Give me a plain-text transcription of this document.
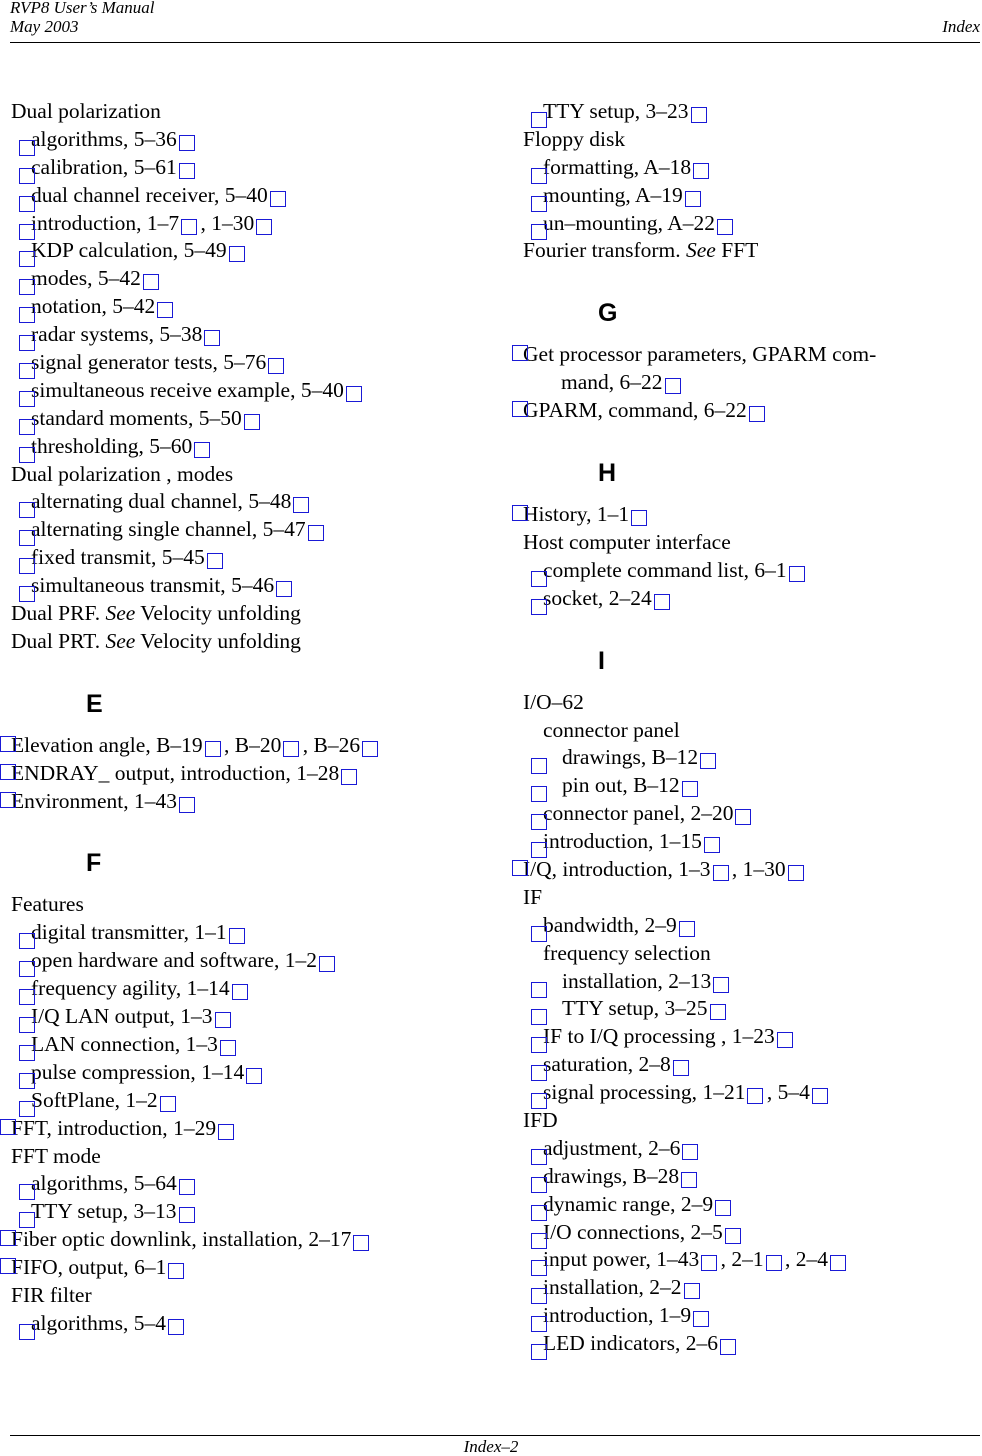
RVP8 User’s Manual
May 2003	Index
Dual polarization
algorithms, 5–36
calibration, 5–61
dual channel receiver, 5–40
introduction, 1–7 , 1–30
KDP calculation, 5–49
modes, 5–42
notation, 5–42
radar systems, 5–38
signal generator tests, 5–76
simultaneous receive example, 5–40
standard moments, 5–50
thresholding, 5–60
Dual polarization , modes
alternating dual channel, 5–48
alternating single channel, 5–47
fixed transmit, 5–45
simultaneous transmit, 5–46
Dual PRF. See Velocity unfolding
Dual PRT. See Velocity unfolding
E
Elevation angle, B–19 , B–20 , B–26
ENDRAY_ output, introduction, 1–28
Environment, 1–43
F
Features
digital transmitter, 1–1
open hardware and software, 1–2
frequency agility, 1–14
I/Q LAN output, 1–3
LAN connection, 1–3
pulse compression, 1–14
SoftPlane, 1–2
FFT, introduction, 1–29
FFT mode
algorithms, 5–64
TTY setup, 3–13
Fiber optic downlink, installation, 2–17
FIFO, output, 6–1
FIR filter
algorithms, 5–4
TTY setup, 3–23
Floppy disk
formatting, A–18
mounting, A–19
un–mounting, A–22
Fourier transform. See FFT
G
Get processor parameters, GPARM com-
mand, 6–22
GPARM, command, 6–22
H
History, 1–1
Host computer interface
complete command list, 6–1
socket, 2–24
I
I/O–62
connector panel
drawings, B–12
pin out, B–12
connector panel, 2–20
introduction, 1–15
I/Q, introduction, 1–3 , 1–30
IF
bandwidth, 2–9
frequency selection
installation, 2–13
TTY setup, 3–25
IF to I/Q processing , 1–23
saturation, 2–8
signal processing, 1–21 , 5–4
IFD
adjustment, 2–6
drawings, B–28
dynamic range, 2–9
I/O connections, 2–5
input power, 1–43 , 2–1 , 2–4
installation, 2–2
introduction, 1–9
LED indicators, 2–6
Index–2
